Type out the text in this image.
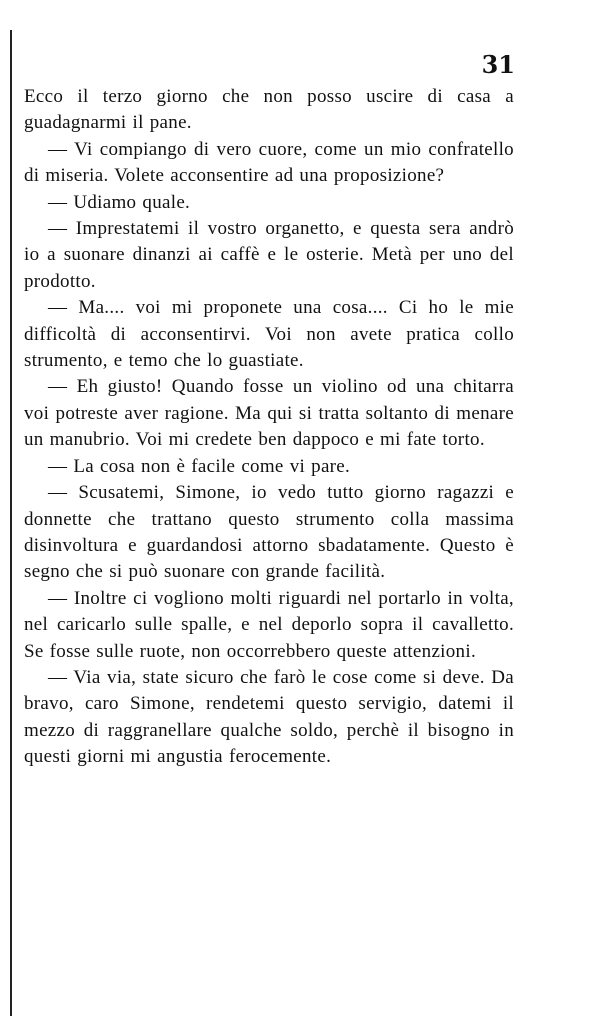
31

Ecco il terzo giorno che non posso uscire di casa a guadagnarmi il pane.

— Vi compiango di vero cuore, come un mio confratello di miseria. Volete acconsentire ad una proposizione?

— Udiamo quale.

— Imprestatemi il vostro organetto, e questa sera andrò io a suonare dinanzi ai caffè e le osterie. Metà per uno del prodotto.

— Ma.... voi mi proponete una cosa.... Ci ho le mie difficoltà di acconsentirvi. Voi non avete pratica collo strumento, e temo che lo guastiate.

— Eh giusto! Quando fosse un violino od una chitarra voi potreste aver ragione. Ma qui si tratta soltanto di menare un manubrio. Voi mi credete ben dappoco e mi fate torto.

— La cosa non è facile come vi pare.

— Scusatemi, Simone, io vedo tutto giorno ragazzi e donnette che trattano questo strumento colla massima disinvoltura e guardandosi attorno sbadatamente. Questo è segno che si può suonare con grande facilità.

— Inoltre ci vogliono molti riguardi nel portarlo in volta, nel caricarlo sulle spalle, e nel deporlo sopra il cavalletto. Se fosse sulle ruote, non occorrebbero queste attenzioni.

— Via via, state sicuro che farò le cose come si deve. Da bravo, caro Simone, rendetemi questo servigio, datemi il mezzo di raggranellare qualche soldo, perchè il bisogno in questi giorni mi angustia ferocemente.
